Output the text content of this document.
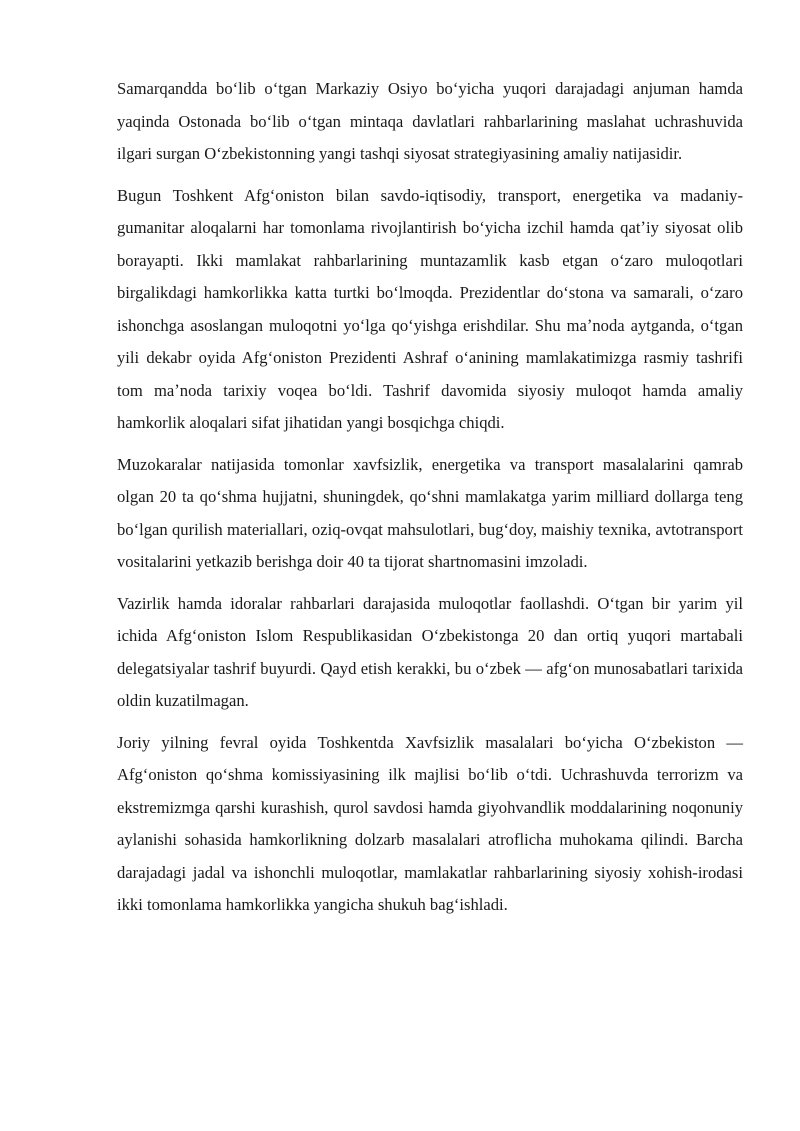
Samarqandda boʻlib oʻtgan Markaziy Osiyo boʻyicha yuqori darajadagi anjuman hamda yaqinda Ostonada boʻlib oʻtgan mintaqa davlatlari rahbarlarining maslahat uchrashuvida ilgari surgan Oʻzbekistonning yangi tashqi siyosat strategiyasining amaliy natijasidir.

Bugun Toshkent Afgʻoniston bilan savdo-iqtisodiy, transport, energetika va madaniy-gumanitar aloqalarni har tomonlama rivojlantirish boʻyicha izchil hamda qatʼiy siyosat olib borayapti. Ikki mamlakat rahbarlarining muntazamlik kasb etgan oʻzaro muloqotlari birgalikdagi hamkorlikka katta turtki boʻlmoqda. Prezidentlar doʻstona va samarali, oʻzaro ishonchga asoslangan muloqotni yoʻlga qoʻyishga erishdilar. Shu maʼnoda aytganda, oʻtgan yili dekabr oyida Afgʻoniston Prezidenti Ashraf oʻanining mamlakatimizga rasmiy tashrifi tom maʼnoda tarixiy voqea boʻldi. Tashrif davomida siyosiy muloqot hamda amaliy hamkorlik aloqalari sifat jihatidan yangi bosqichga chiqdi.

Muzokaralar natijasida tomonlar xavfsizlik, energetika va transport masalalarini qamrab olgan 20 ta qoʻshma hujjatni, shuningdek, qoʻshni mamlakatga yarim milliard dollarga teng boʻlgan qurilish materiallari, oziq-ovqat mahsulotlari, bugʻdoy, maishiy texnika, avtotransport vositalarini yetkazib berishga doir 40 ta tijorat shartnomasini imzoladi.

Vazirlik hamda idoralar rahbarlari darajasida muloqotlar faollashdi. Oʻtgan bir yarim yil ichida Afgʻoniston Islom Respublikasidan Oʻzbekistonga 20 dan ortiq yuqori martabali delegatsiyalar tashrif buyurdi. Qayd etish kerakki, bu oʻzbek — afgʻon munosabatlari tarixida oldin kuzatilmagan.

Joriy yilning fevral oyida Toshkentda Xavfsizlik masalalari boʻyicha Oʻzbekiston — Afgʻoniston qoʻshma komissiyasining ilk majlisi boʻlib oʻtdi. Uchrashuvda terrorizm va ekstremizmga qarshi kurashish, qurol savdosi hamda giyohvandlik moddalarining noqonuniy aylanishi sohasida hamkorlikning dolzarb masalalari atroflicha muhokama qilindi. Barcha darajadagi jadal va ishonchli muloqotlar, mamlakatlar rahbarlarining siyosiy xohish-irodasi ikki tomonlama hamkorlikka yangicha shukuh bagʻishladi.
